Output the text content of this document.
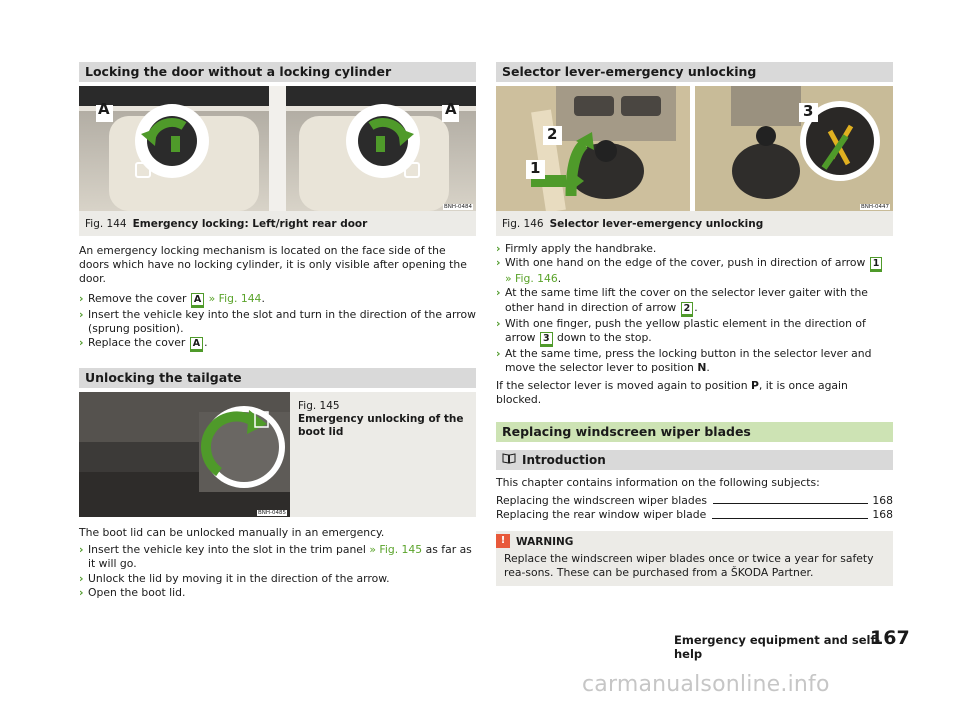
Locking the door without a locking cylinder
A	A
BNH-0484
Fig. 144 Emergency locking: Left/right rear door

An emergency locking mechanism is located on the face side of the doors which have no locking cylinder, it is only visible after opening the door.

› Remove the cover A » Fig. 144.
› Insert the vehicle key into the slot and turn in the direction of the arrow (sprung position).
› Replace the cover A .
Unlocking the tailgate
BNH-0485
Fig. 145
Emergency unlocking of the boot lid

The boot lid can be unlocked manually in an emergency.

› Insert the vehicle key into the slot in the trim panel » Fig. 145 as far as it will go.
› Unlock the lid by moving it in the direction of the arrow.
› Open the boot lid.
Selector lever-emergency unlocking
1
2
3
BNH-0447
Fig. 146 Selector lever-emergency unlocking
› Firmly apply the handbrake.
› With one hand on the edge of the cover, push in direction of arrow 1 » Fig. 146.
› At the same time lift the cover on the selector lever gaiter with the other hand in direction of arrow 2 .
› With one finger, push the yellow plastic element in the direction of arrow 3 down to the stop.
› At the same time, press the locking button in the selector lever and move the selector lever to position N.

If the selector lever is moved again to position P, it is once again blocked.

Replacing windscreen wiper blades
Introduction

This chapter contains information on the following subjects:

Replacing the windscreen wiper blades	168
Replacing the rear window wiper blade	168
! WARNING
Replace the windscreen wiper blades once or twice a year for safety rea-sons. These can be purchased from a ŠKODA Partner.
Emergency equipment and self-help
167
carmanualsonline.info
